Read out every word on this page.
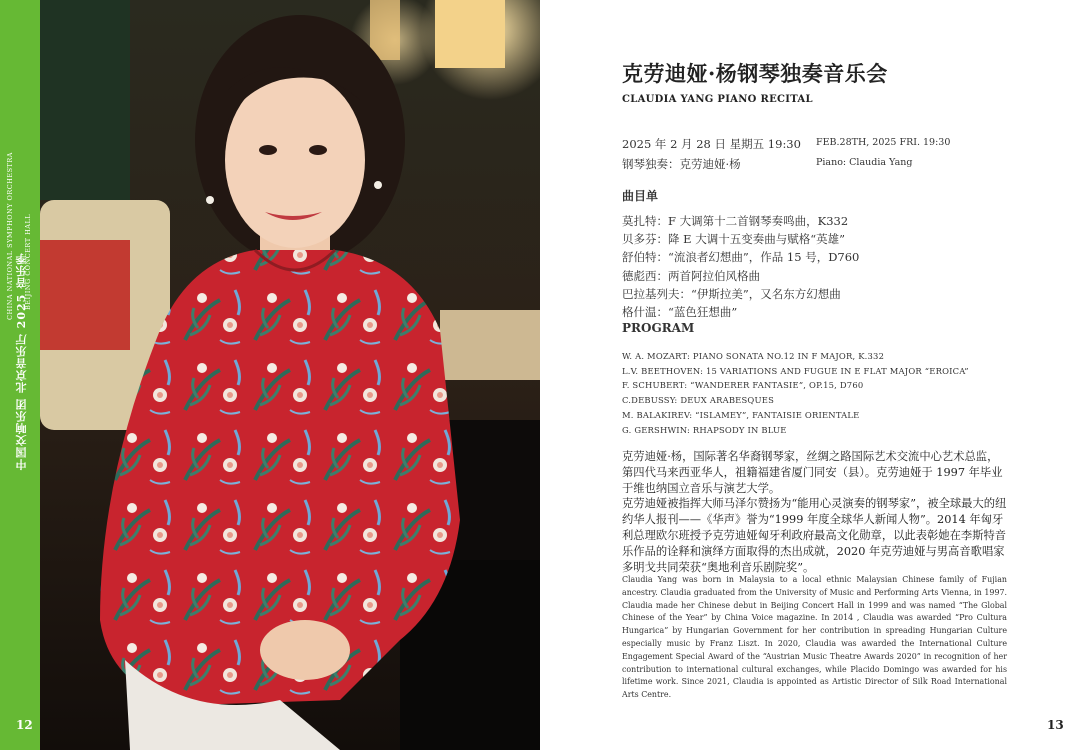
CHINA NATIONAL SYMPHONY ORCHESTRA BEIJING CONCERT HALL
中国交响乐团 北京音乐厅 2025 音乐季
12
克劳迪娅·杨钢琴独奏音乐会
CLAUDIA YANG PIANO RECITAL
2025 年 2 月 28 日 星期五 19:30 FEB.28TH, 2025 FRI. 19:30
钢琴独奏：克劳迪娅·杨	Piano: Claudia Yang
曲目单

莫扎特：F 大调第十二首钢琴奏鸣曲，K332

贝多芬：降 E 大调十五变奏曲与赋格“英雄”

舒伯特：“流浪者幻想曲”，作品 15 号，D760

德彪西：两首阿拉伯风格曲

巴拉基列夫：“伊斯拉美”，又名东方幻想曲

格什温：“蓝色狂想曲”

PROGRAM

W. A. MOZART: PIANO SONATA NO.12 IN F MAJOR, K.332

L.V. BEETHOVEN: 15 VARIATIONS AND FUGUE IN E FLAT MAJOR “EROICA”

F. SCHUBERT: “WANDERER FANTASIE”, OP.15, D760

C.DEBUSSY: DEUX ARABESQUES

M. BALAKIREV: “ISLAMEY”, FANTAISIE ORIENTALE

G. GERSHWIN: RHAPSODY IN BLUE

克劳迪娅·杨，国际著名华裔钢琴家，丝绸之路国际艺术交流中心艺术总监，第四代马来西亚华人，祖籍福建省厦门同安（县）。克劳迪娅于 1997 年毕业于维也纳国立音乐与演艺大学。

克劳迪娅被指挥大师马泽尔赞扬为“能用心灵演奏的钢琴家”，被全球最大的纽约华人报刊——《华声》誉为“1999 年度全球华人新闻人物”。2014 年匈牙利总理欧尔班授予克劳迪娅匈牙利政府最高文化勋章，以此表彰她在李斯特音乐作品的诠释和演绎方面取得的杰出成就，2020 年克劳迪娅与男高音歌唱家多明戈共同荣获“奥地利音乐剧院奖”。

Claudia Yang was born in Malaysia to a local ethnic Malaysian Chinese family of Fujian ancestry. Claudia graduated from the University of Music and Performing Arts Vienna, in 1997. Claudia made her Chinese debut in Beijing Concert Hall in 1999 and was named “The Global Chinese of the Year” by China Voice magazine. In 2014 , Claudia was awarded “Pro Cultura Hungarica” by Hungarian Government for her contribution in spreading Hungarian Culture especially music by Franz Liszt. In 2020, Claudia was awarded the International Culture Engagement Special Award of the “Austrian Music Theatre Awards 2020” in recognition of her contribution to international cultural exchanges, while Placido Domingo was awarded for his lifetime work. Since 2021, Claudia is appointed as Artistic Director of Silk Road International Arts Centre.
13
